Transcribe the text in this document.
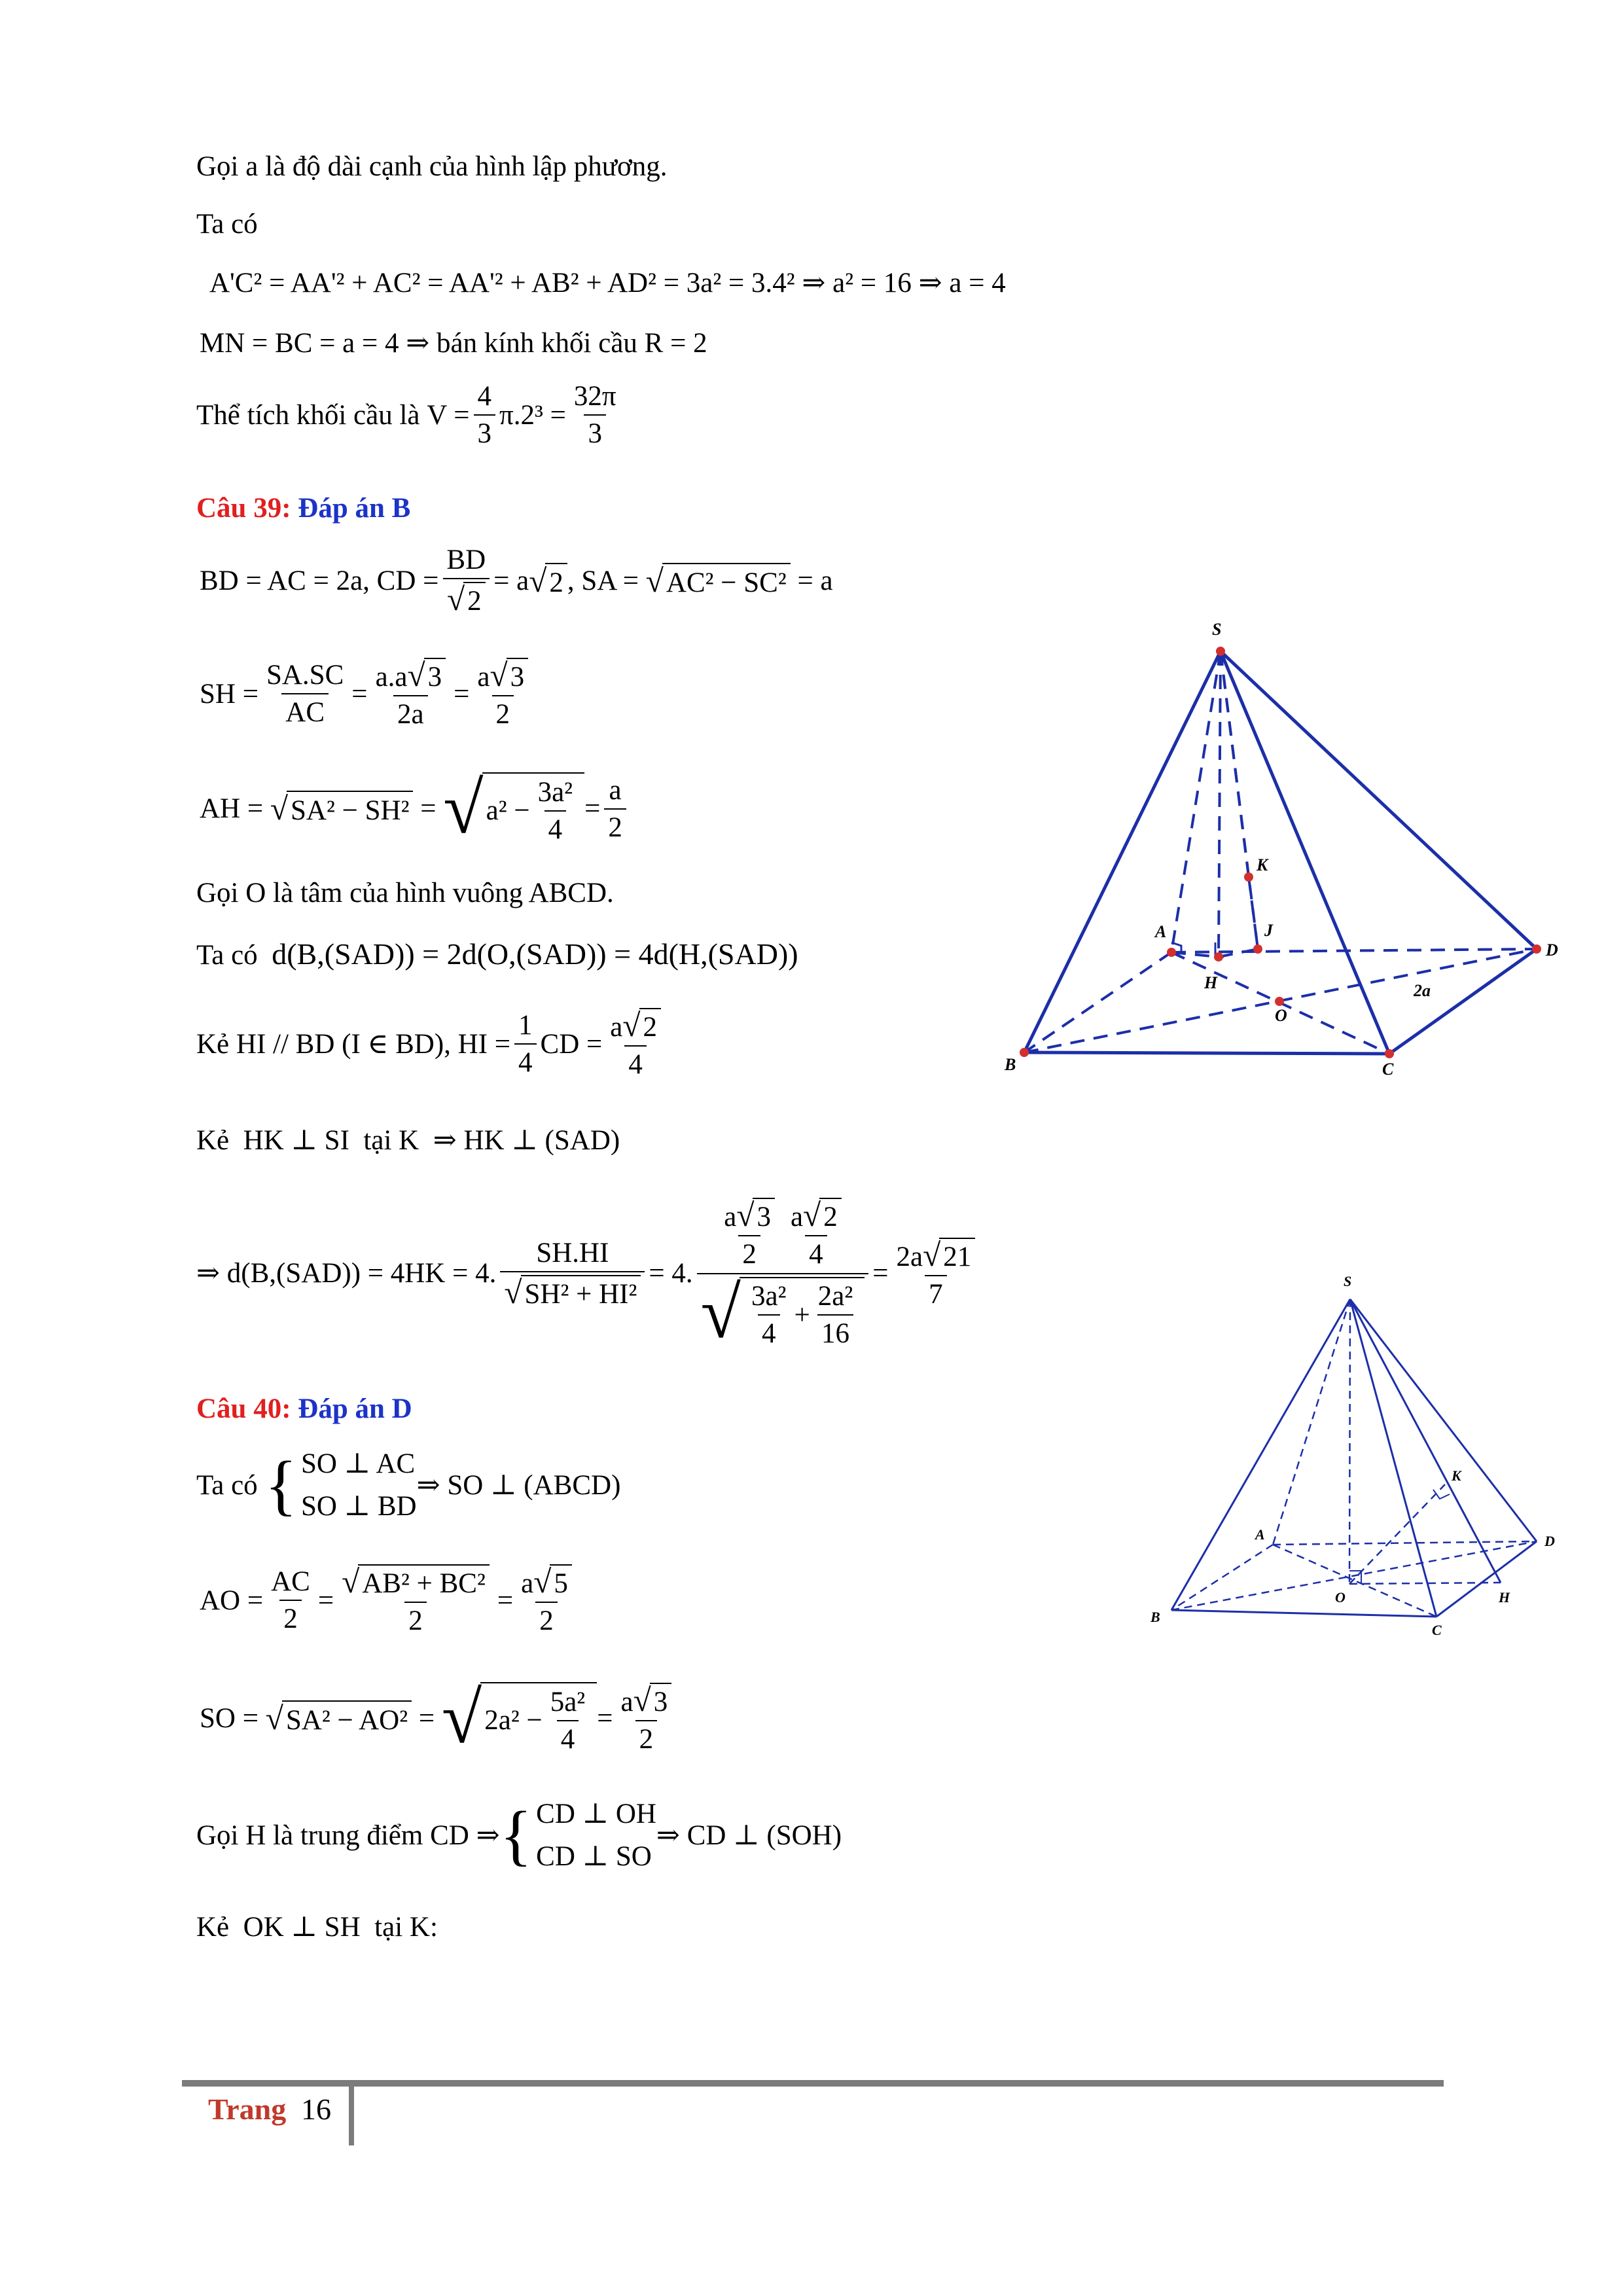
Gọi a là độ dài cạnh của hình lập phương.
Ta có
A'C² = AA'² + AC² = AA'² + AB² + AD² = 3a² = 3.4² ⇒ a² = 16 ⇒ a = 4
MN = BC = a = 4 ⇒ bán kính khối cầu R = 2
Thể tích khối cầu là
$V = \frac{4}{3} \pi.2^3 = \frac{32\pi}{3}$
Câu 39: Đáp án B
BD = AC = 2a, CD = $\frac{BD}{√ 2} = a$ √ 2 , SA =
√ AC² − SC²
= a
SH = $\frac{SA.SC}{AC} = \frac{a.a √ 3}{2a} = \frac{a √ 3}{2}$
AH =
√ SA² − SH² = √ $a^2 - \frac{\text{3a²}}{4} = \frac{a}{2}$
Gọi O là tâm của hình vuông ABCD.
Ta có d(B,(SAD)) = 2d(O,(SAD)) = 4d(H,(SAD))
Kẻ
HI // BD (I ∈ BD), HI = $\frac{1}{4}$ CD = $\frac{a √ 2}{4}$
Kẻ HK ⊥ SI tại K ⇒ HK ⊥ (SAD)
⇒ d(B,(SAD)) = 4HK = 4. $\frac{SH.HI}{\text{√ SH² + HI²}} = 4$. $\frac{\frac{a √ 3}{2} \frac{a √ 2}{4}}{√ \frac{\text{3a²}}{4} + \frac{\text{2a²}}{16}} = \frac{2a √ 21}{7}$
Câu 40: Đáp án D
Ta có
{ SO ⊥ AC
SO ⊥ BD
⇒ SO ⊥ (ABCD)
AO = $\frac{AC}{2} = \frac{\text{√ AB² + BC²}}{2} = \frac{a √ 5}{2}$
SO =
√ SA² − AO² = √ $2a^2 - \frac{\text{5a²}}{4} = \frac{a √ 3}{2}$
Gọi H là trung điểm
CD ⇒ { CD ⊥ OH
CD ⊥ SO
⇒ CD ⊥ (SOH)
Kẻ OK ⊥ SH tại K:
S
A
B	C
D
H
O
K
J
2a
S
A
B
C
D
H
O
K
Trang 16
